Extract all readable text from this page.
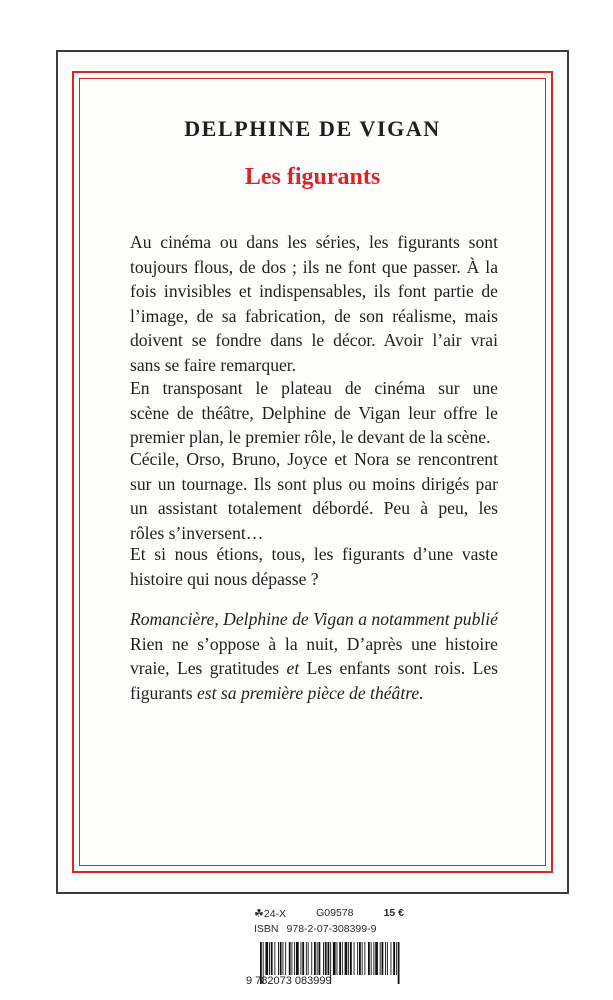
DELPHINE DE VIGAN
Les figurants
Au cinéma ou dans les séries, les figurants sont
toujours flous, de dos ; ils ne font que passer. À la
fois invisibles et indispensables, ils font partie de
l’image, de sa fabrication, de son réalisme, mais
doivent se fondre dans le décor. Avoir l’air vrai
sans se faire remarquer.
En transposant le plateau de cinéma sur une
scène de théâtre, Delphine de Vigan leur offre le
premier plan, le premier rôle, le devant de la scène.
Cécile, Orso, Bruno, Joyce et Nora se rencontrent
sur un tournage. Ils sont plus ou moins dirigés par
un assistant totalement débordé. Peu à peu, les
rôles s’inversent…
Et si nous étions, tous, les figurants d’une vaste
histoire qui nous dépasse ?
Romancière, Delphine de Vigan a notamment publié
Rien ne s’oppose à la nuit, D’après une histoire
vraie, Les gratitudes et Les enfants sont rois. Les
figurants est sa première pièce de théâtre.
☘24-X	G09578	15 €
ISBN 978-2-07-308399-9
9 782073 083999
